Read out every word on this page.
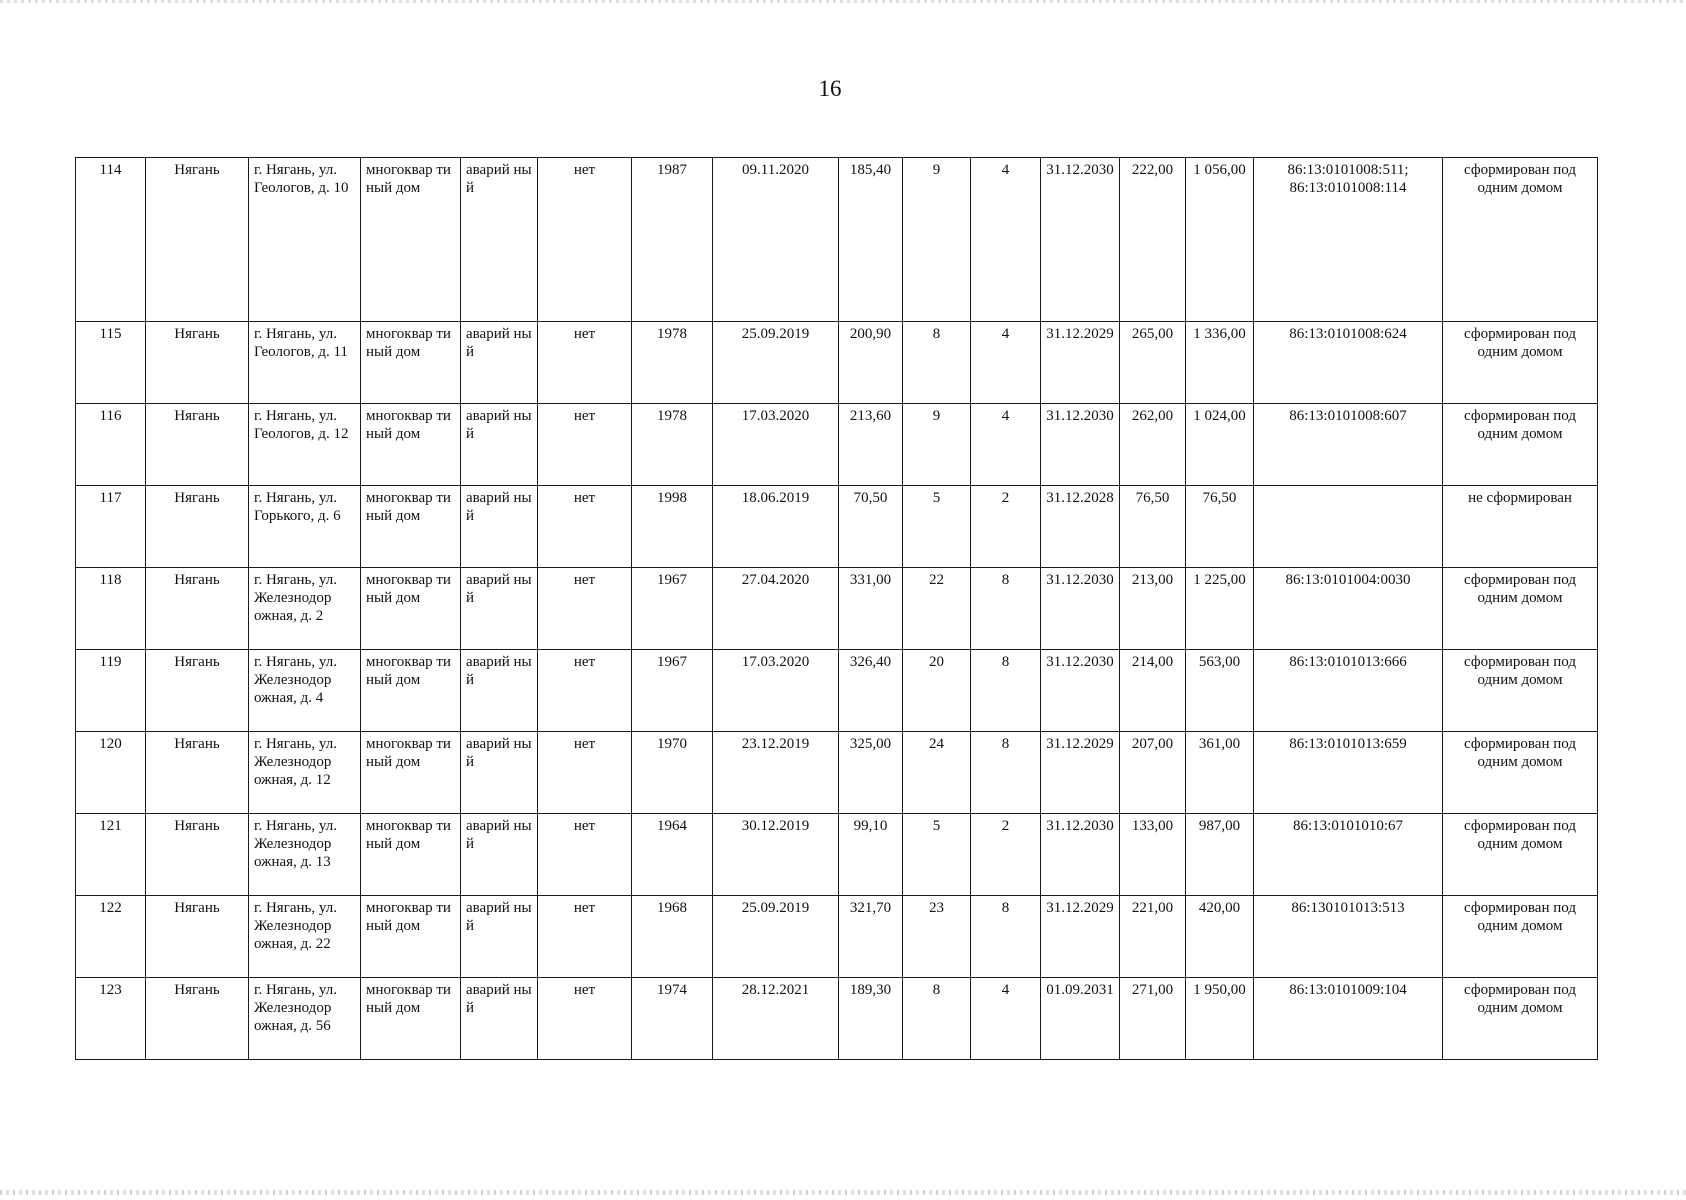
16
114	Нягань	г. Нягань, ул. Геологов, д. 10	многоквар тиный дом	аварий ный	нет	1987	09.11.2020	185,40	9	4	31.12.2030	222,00	1 056,00	86:13:0101008:511; 86:13:0101008:114	сформирован под одним домом
115	Нягань	г. Нягань, ул. Геологов, д. 11	многоквар тиный дом	аварий ный	нет	1978	25.09.2019	200,90	8	4	31.12.2029	265,00	1 336,00	86:13:0101008:624	сформирован под одним домом
116	Нягань	г. Нягань, ул. Геологов, д. 12	многоквар тиный дом	аварий ный	нет	1978	17.03.2020	213,60	9	4	31.12.2030	262,00	1 024,00	86:13:0101008:607	сформирован под одним домом
117	Нягань	г. Нягань, ул. Горького, д. 6	многоквар тиный дом	аварий ный	нет	1998	18.06.2019	70,50	5	2	31.12.2028	76,50	76,50		не сформирован
118	Нягань	г. Нягань, ул. Железнодор ожная, д. 2	многоквар тиный дом	аварий ный	нет	1967	27.04.2020	331,00	22	8	31.12.2030	213,00	1 225,00	86:13:0101004:0030	сформирован под одним домом
119	Нягань	г. Нягань, ул. Железнодор ожная, д. 4	многоквар тиный дом	аварий ный	нет	1967	17.03.2020	326,40	20	8	31.12.2030	214,00	563,00	86:13:0101013:666	сформирован под одним домом
120	Нягань	г. Нягань, ул. Железнодор ожная, д. 12	многоквар тиный дом	аварий ный	нет	1970	23.12.2019	325,00	24	8	31.12.2029	207,00	361,00	86:13:0101013:659	сформирован под одним домом
121	Нягань	г. Нягань, ул. Железнодор ожная, д. 13	многоквар тиный дом	аварий ный	нет	1964	30.12.2019	99,10	5	2	31.12.2030	133,00	987,00	86:13:0101010:67	сформирован под одним домом
122	Нягань	г. Нягань, ул. Железнодор ожная, д. 22	многоквар тиный дом	аварий ный	нет	1968	25.09.2019	321,70	23	8	31.12.2029	221,00	420,00	86:130101013:513	сформирован под одним домом
123	Нягань	г. Нягань, ул. Железнодор ожная, д. 56	многоквар тиный дом	аварий ный	нет	1974	28.12.2021	189,30	8	4	01.09.2031	271,00	1 950,00	86:13:0101009:104	сформирован под одним домом
